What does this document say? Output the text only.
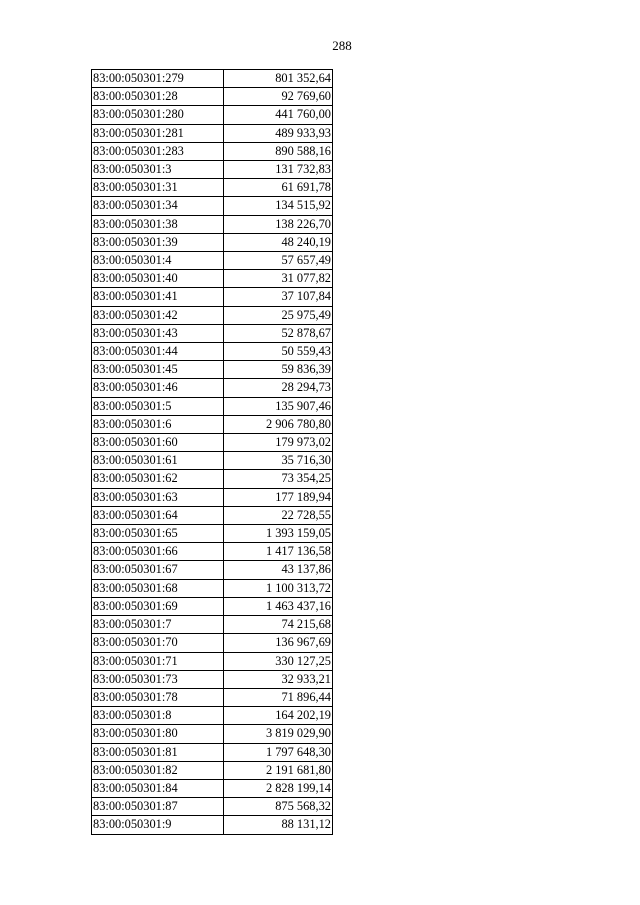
288
83:00:050301:279	801 352,64
83:00:050301:28	92 769,60
83:00:050301:280	441 760,00
83:00:050301:281	489 933,93
83:00:050301:283	890 588,16
83:00:050301:3	131 732,83
83:00:050301:31	61 691,78
83:00:050301:34	134 515,92
83:00:050301:38	138 226,70
83:00:050301:39	48 240,19
83:00:050301:4	57 657,49
83:00:050301:40	31 077,82
83:00:050301:41	37 107,84
83:00:050301:42	25 975,49
83:00:050301:43	52 878,67
83:00:050301:44	50 559,43
83:00:050301:45	59 836,39
83:00:050301:46	28 294,73
83:00:050301:5	135 907,46
83:00:050301:6	2 906 780,80
83:00:050301:60	179 973,02
83:00:050301:61	35 716,30
83:00:050301:62	73 354,25
83:00:050301:63	177 189,94
83:00:050301:64	22 728,55
83:00:050301:65	1 393 159,05
83:00:050301:66	1 417 136,58
83:00:050301:67	43 137,86
83:00:050301:68	1 100 313,72
83:00:050301:69	1 463 437,16
83:00:050301:7	74 215,68
83:00:050301:70	136 967,69
83:00:050301:71	330 127,25
83:00:050301:73	32 933,21
83:00:050301:78	71 896,44
83:00:050301:8	164 202,19
83:00:050301:80	3 819 029,90
83:00:050301:81	1 797 648,30
83:00:050301:82	2 191 681,80
83:00:050301:84	2 828 199,14
83:00:050301:87	875 568,32
83:00:050301:9	88 131,12
